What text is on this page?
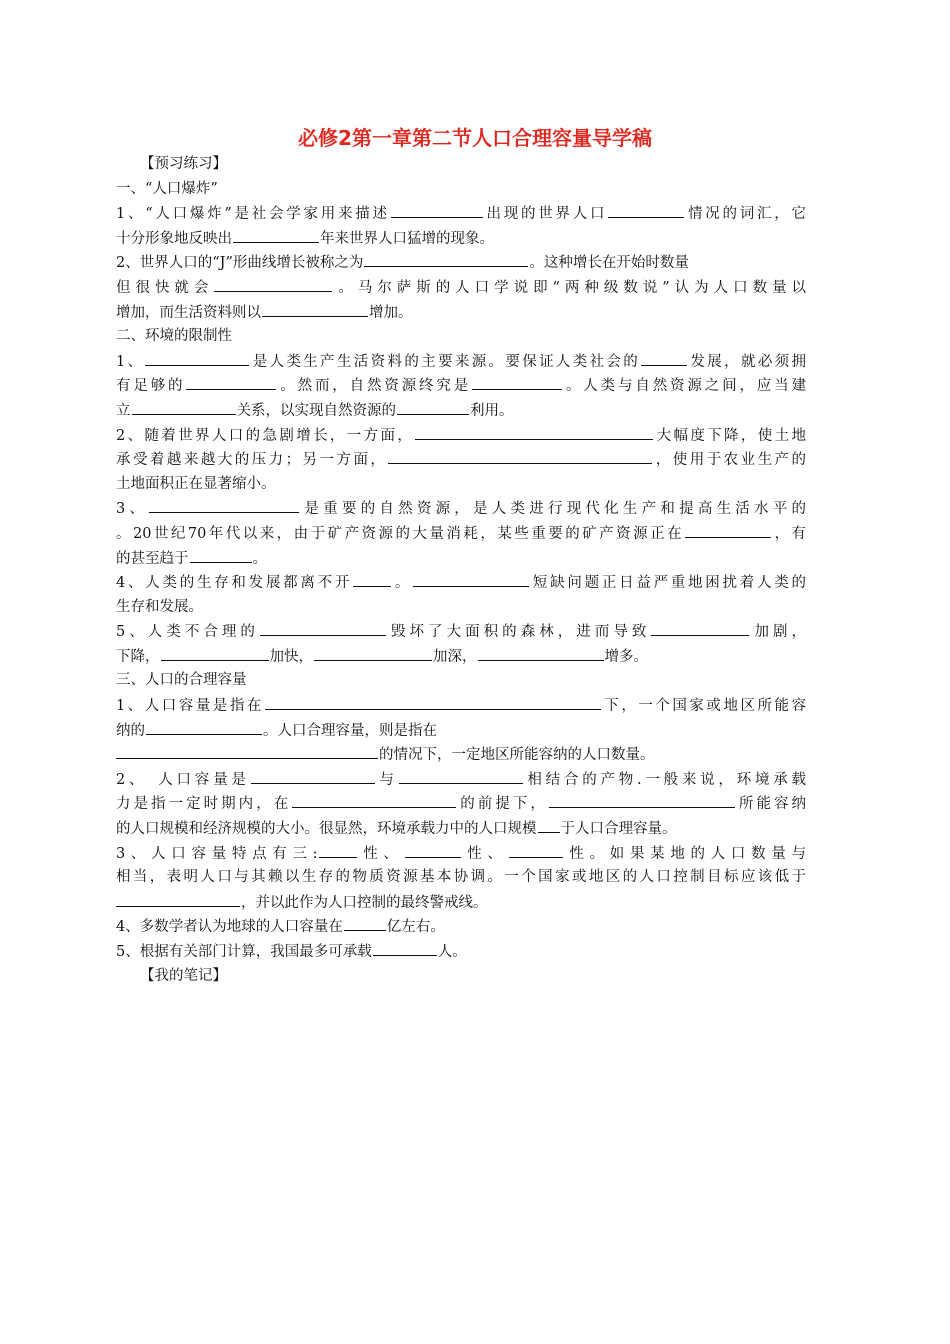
必修2第一章第二节人口合理容量导学稿
【预习练习】
一、“人口爆炸”
1、“人口爆炸”是社会学家用来描述	出现的世界人口	情况的词汇，它
十分形象地反映出	年来世界人口猛增的现象。
2、世界人口的“J”形曲线增长被称之为	。这种增长在开始时数量
但很快就会	。马尔萨斯的人口学说即“两种级数说”认为人口数量以
增加，而生活资料则以	增加。
二、环境的限制性
1、	是人类生产生活资料的主要来源。要保证人类社会的	发展，就必须拥
有足够的	。然而，自然资源终究是	。人类与自然资源之间，应当建
立	关系，以实现自然资源的	利用。
2、随着世界人口的急剧增长，一方面，	大幅度下降，使土地
承受着越来越大的压力；另一方面，	，使用于农业生产的
土地面积正在显著缩小。
3、	是重要的自然资源，是人类进行现代化生产和提高生活水平的
。20世纪70年代以来，由于矿产资源的大量消耗，某些重要的矿产资源正在	，有
的甚至趋于	。
4、人类的生存和发展都离不开	。	短缺问题正日益严重地困扰着人类的
生存和发展。
5、人类不合理的	毁坏了大面积的森林，进而导致	加剧，
下降，	加快，	加深，	增多。
三、人口的合理容量
1、人口容量是指在	下，一个国家或地区所能容
纳的	。人口合理容量，则是指在
的情况下，一定地区所能容纳的人口数量。
2、　人口容量是	与	相结合的产物.一般来说，环境承载
力是指一定时期内，在	的前提下，	所能容纳
的人口规模和经济规模的大小。很显然，环境承载力中的人口规模 于人口合理容量。
3、人口容量特点有三:	性、	性、	性。如果某地的人口数量与
相当，表明人口与其赖以生存的物质资源基本协调。一个国家或地区的人口控制目标应该低于
，并以此作为人口控制的最终警戒线。
4、多数学者认为地球的人口容量在	亿左右。
5、根据有关部门计算，我国最多可承载	人。
【我的笔记】
